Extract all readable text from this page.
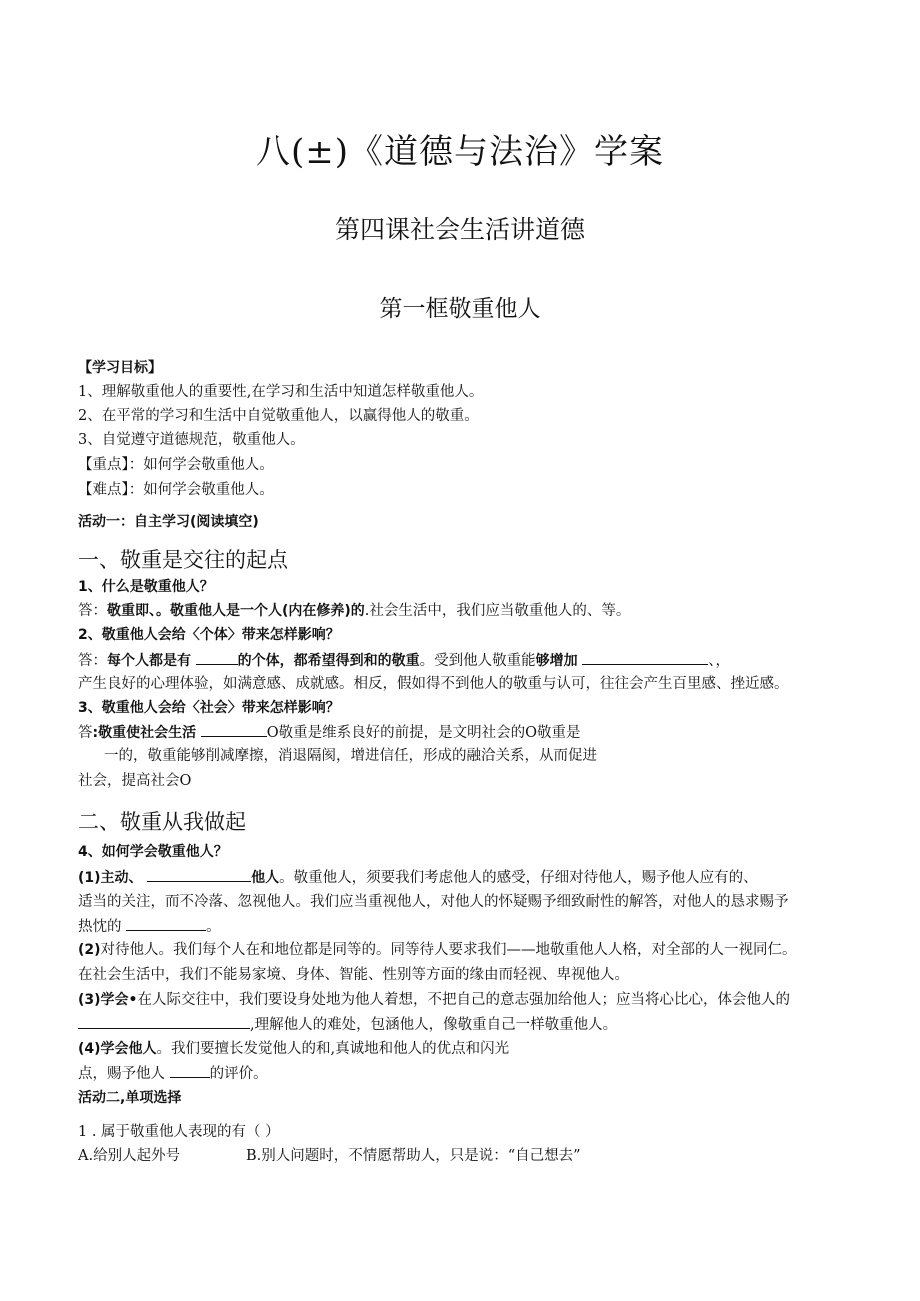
八(±)《道德与法治》学案
第四课社会生活讲道德
第一框敬重他人
【学习目标】
1、理解敬重他人的重要性,在学习和生活中知道怎样敬重他人。
2、在平常的学习和生活中自觉敬重他人，以赢得他人的敬重。
3、自觉遵守道德规范，敬重他人。
【重点】：如何学会敬重他人。
【难点】：如何学会敬重他人。
活动一：自主学习(阅读填空)
一、敬重是交往的起点
1、什么是敬重他人？
答：敬重即、。敬重他人是一个人(内在修养)的.社会生活中，我们应当敬重他人的、等。
2、敬重他人会给〈个体〉带来怎样影响？
答：每个人都是有	的个体，都希望得到和的敬重。受到他人敬重能够增加	、，
产生良好的心理体验，如满意感、成就感。相反，假如得不到他人的敬重与认可，往往会产生百里感、挫近感。
3、敬重他人会给〈社会〉带来怎样影响？
答:敬重使社会生活	O敬重是维系良好的前提，是文明社会的O敬重是
一的，敬重能够削减摩擦，消退隔阂，增进信任，形成的融洽关系，从而促进
社会，提高社会O
二、敬重从我做起
4、如何学会敬重他人？
(1)主动、	他人。敬重他人，须要我们考虑他人的感受，仔细对待他人，赐予他人应有的、
适当的关注，而不冷落、忽视他人。我们应当重视他人，对他人的怀疑赐予细致耐性的解答，对他人的恳求赐予
热忱的	。
(2)对待他人。我们每个人在和地位都是同等的。同等待人要求我们——地敬重他人人格，对全部的人一视同仁。
在社会生活中，我们不能易家境、身体、智能、性别等方面的缘由而轻视、卑视他人。
(3)学会•在人际交往中，我们要设身处地为他人着想，不把自己的意志强加给他人；应当将心比心，体会他人的
,理解他人的难处，包涵他人，像敬重自己一样敬重他人。
(4)学会他人。我们要擅长发觉他人的和,真诚地和他人的优点和闪光
点，赐予他人	的评价。
活动二,单项选择
1 . 属于敬重他人表现的有（ ）
A.给别人起外号	B.别人问题时，不情愿帮助人，只是说：“自己想去”
